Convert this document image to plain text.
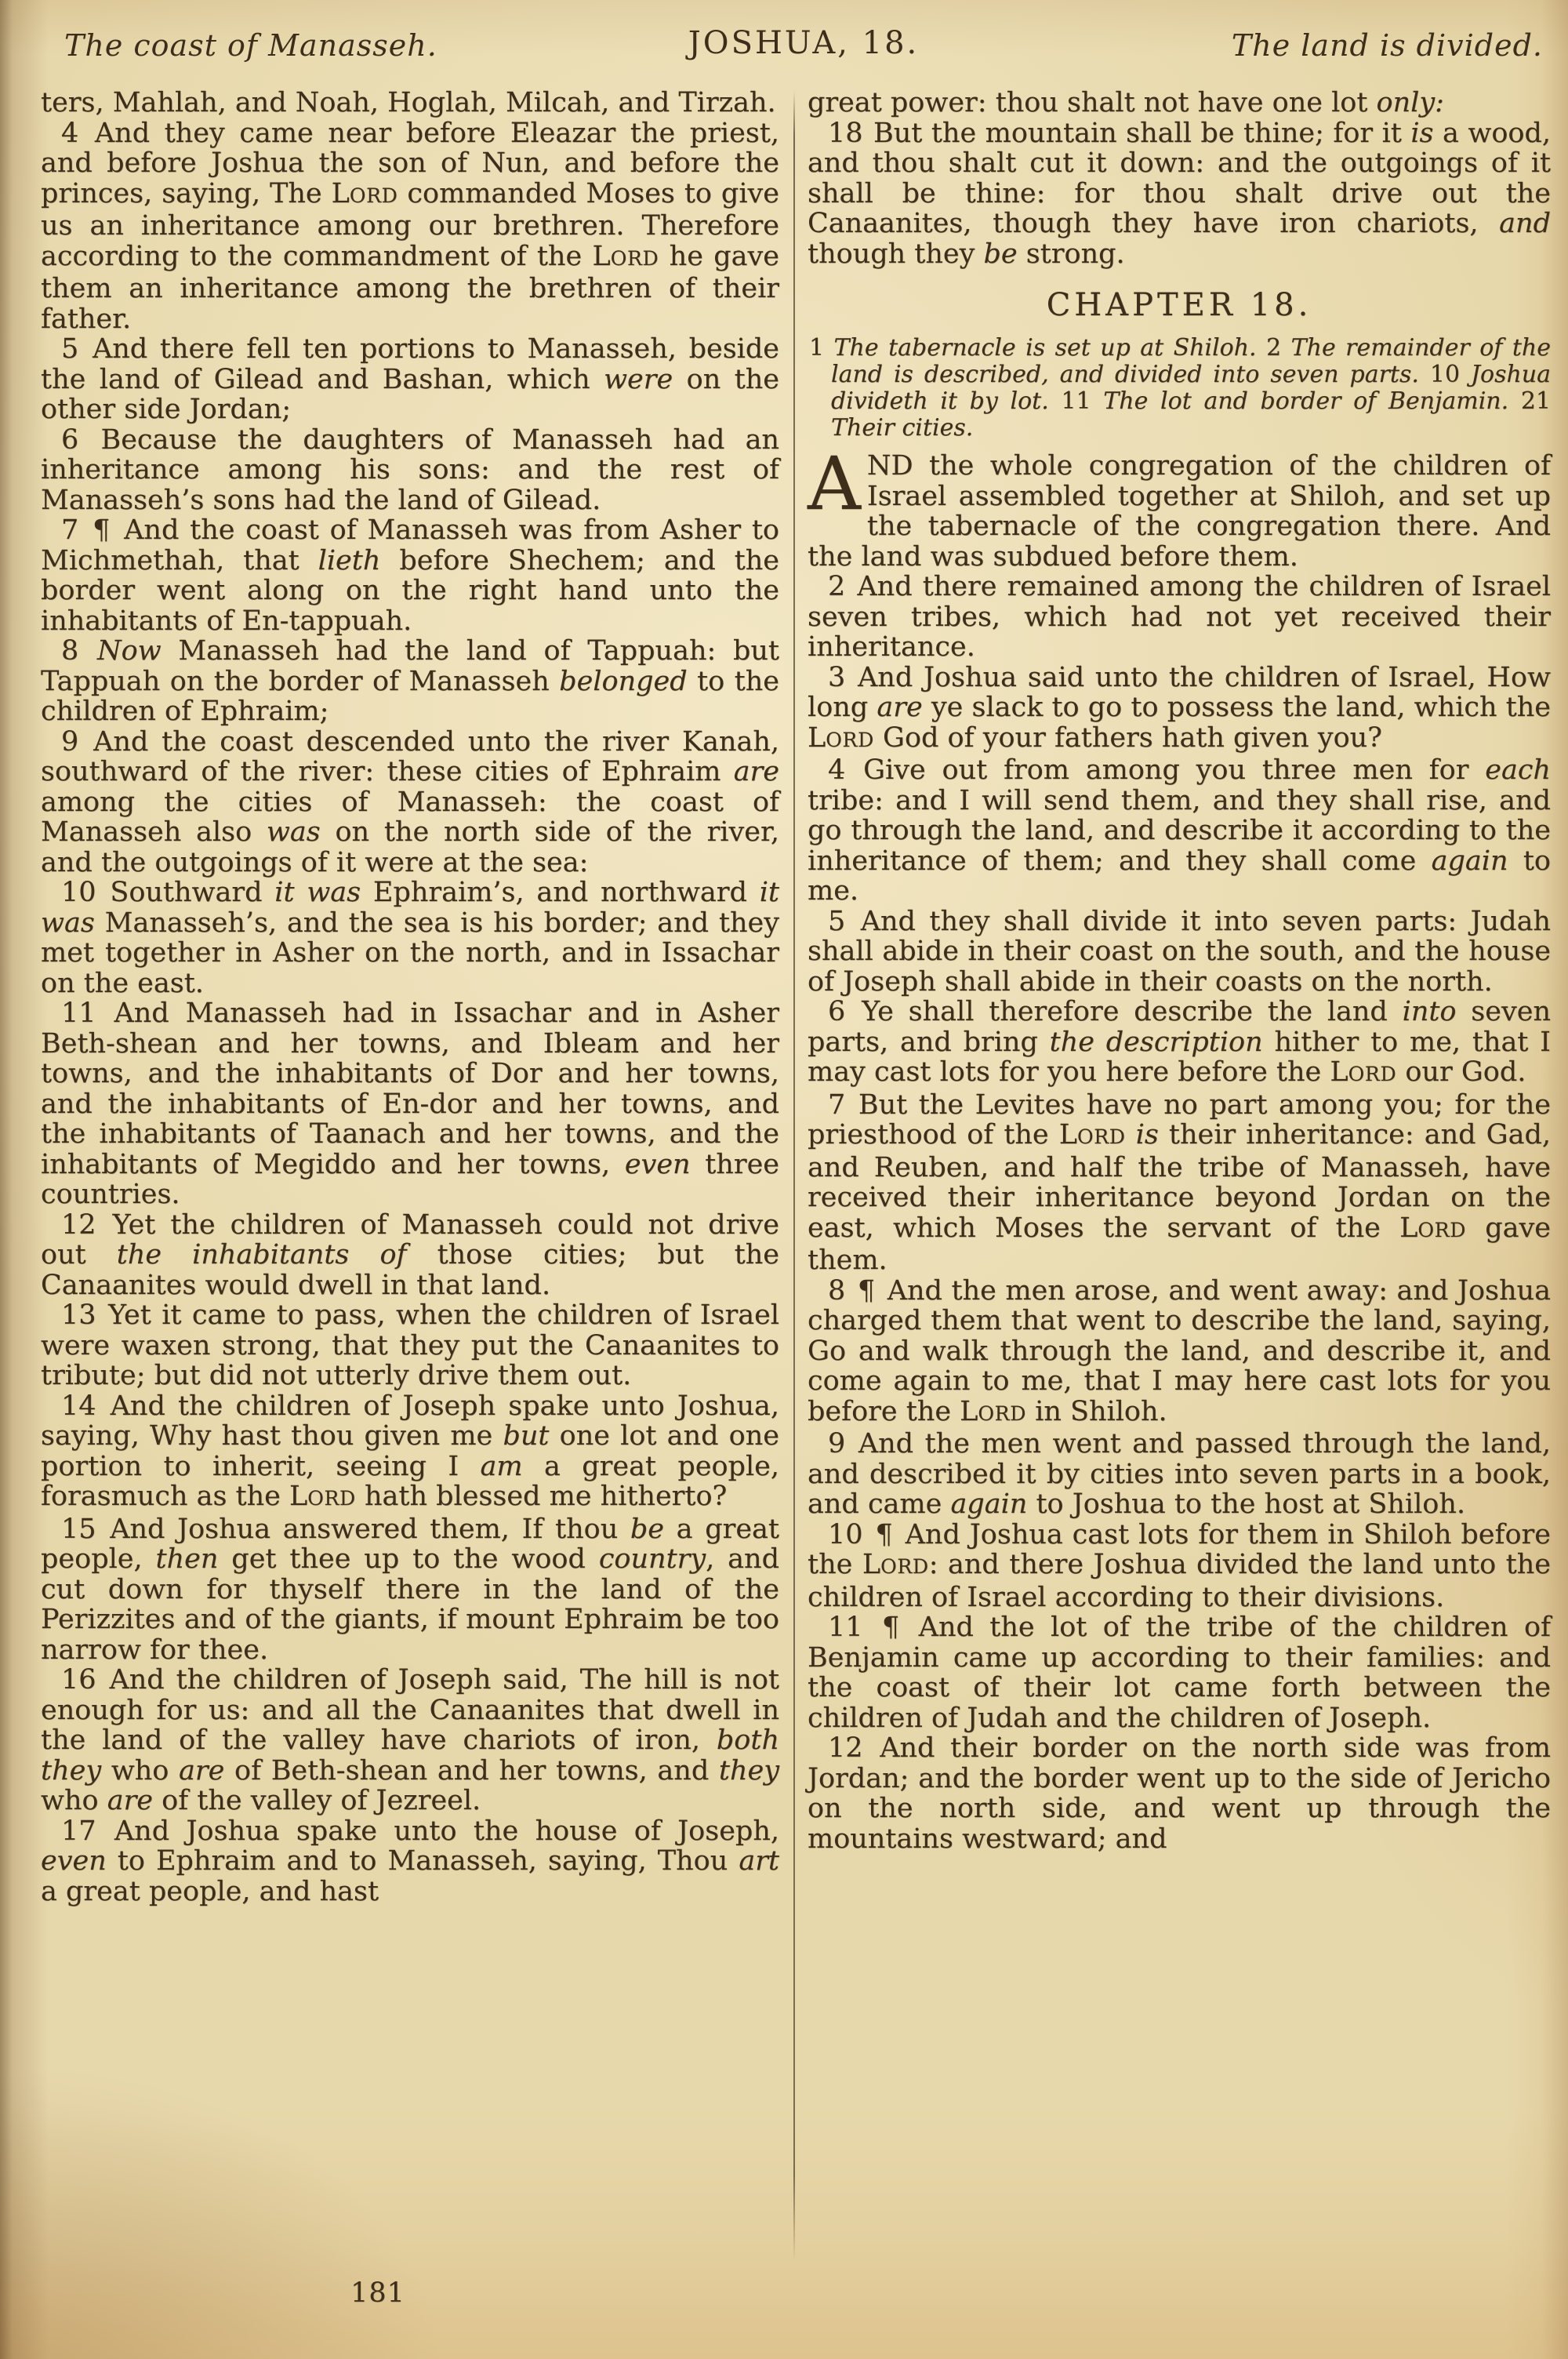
The coast of Manasseh.	JOSHUA, 18.	The land is divided.

ters, Mahlah, and Noah, Hoglah, Milcah, and Tirzah.

4 And they came near before Eleazar the priest, and before Joshua the son of Nun, and before the princes, saying, The LORD commanded Moses to give us an inheritance among our brethren. Therefore according to the commandment of the LORD he gave them an inheritance among the brethren of their father.

5 And there fell ten portions to Manasseh, beside the land of Gilead and Bashan, which were on the other side Jordan;

6 Because the daughters of Manasseh had an inheritance among his sons: and the rest of Manasseh’s sons had the land of Gilead.

7 ¶ And the coast of Manasseh was from Asher to Michmethah, that lieth before Shechem; and the border went along on the right hand unto the inhabitants of En-tappuah.

8 Now Manasseh had the land of Tappuah: but Tappuah on the border of Manasseh belonged to the children of Ephraim;

9 And the coast descended unto the river Kanah, southward of the river: these cities of Ephraim are among the cities of Manasseh: the coast of Manasseh also was on the north side of the river, and the outgoings of it were at the sea:

10 Southward it was Ephraim’s, and northward it was Manasseh’s, and the sea is his border; and they met together in Asher on the north, and in Issachar on the east.

11 And Manasseh had in Issachar and in Asher Beth-shean and her towns, and Ibleam and her towns, and the inhabitants of Dor and her towns, and the inhabitants of En-dor and her towns, and the inhabitants of Taanach and her towns, and the inhabitants of Megiddo and her towns, even three countries.

12 Yet the children of Manasseh could not drive out the inhabitants of those cities; but the Canaanites would dwell in that land.

13 Yet it came to pass, when the children of Israel were waxen strong, that they put the Canaanites to tribute; but did not utterly drive them out.

14 And the children of Joseph spake unto Joshua, saying, Why hast thou given me but one lot and one portion to inherit, seeing I am a great people, forasmuch as the LORD hath blessed me hitherto?

15 And Joshua answered them, If thou be a great people, then get thee up to the wood country, and cut down for thyself there in the land of the Perizzites and of the giants, if mount Ephraim be too narrow for thee.

16 And the children of Joseph said, The hill is not enough for us: and all the Canaanites that dwell in the land of the valley have chariots of iron, both they who are of Beth-shean and her towns, and they who are of the valley of Jezreel.

17 And Joshua spake unto the house of Joseph, even to Ephraim and to Manasseh, saying, Thou art a great people, and hast

great power: thou shalt not have one lot only:

18 But the mountain shall be thine; for it is a wood, and thou shalt cut it down: and the outgoings of it shall be thine: for thou shalt drive out the Canaanites, though they have iron chariots, and though they be strong.

CHAPTER 18.

1 The tabernacle is set up at Shiloh. 2 The remainder of the land is described, and divided into seven parts. 10 Joshua divideth it by lot. 11 The lot and border of Benjamin. 21 Their cities.

AND the whole congregation of the children of Israel assembled together at Shiloh, and set up the tabernacle of the congregation there. And the land was subdued before them.

2 And there remained among the children of Israel seven tribes, which had not yet received their inheritance.

3 And Joshua said unto the children of Israel, How long are ye slack to go to possess the land, which the LORD God of your fathers hath given you?

4 Give out from among you three men for each tribe: and I will send them, and they shall rise, and go through the land, and describe it according to the inheritance of them; and they shall come again to me.

5 And they shall divide it into seven parts: Judah shall abide in their coast on the south, and the house of Joseph shall abide in their coasts on the north.

6 Ye shall therefore describe the land into seven parts, and bring the description hither to me, that I may cast lots for you here before the LORD our God.

7 But the Levites have no part among you; for the priesthood of the LORD is their inheritance: and Gad, and Reuben, and half the tribe of Manasseh, have received their inheritance beyond Jordan on the east, which Moses the servant of the LORD gave them.

8 ¶ And the men arose, and went away: and Joshua charged them that went to describe the land, saying, Go and walk through the land, and describe it, and come again to me, that I may here cast lots for you before the LORD in Shiloh.

9 And the men went and passed through the land, and described it by cities into seven parts in a book, and came again to Joshua to the host at Shiloh.

10 ¶ And Joshua cast lots for them in Shiloh before the LORD: and there Joshua divided the land unto the children of Israel according to their divisions.

11 ¶ And the lot of the tribe of the children of Benjamin came up according to their families: and the coast of their lot came forth between the children of Judah and the children of Joseph.

12 And their border on the north side was from Jordan; and the border went up to the side of Jericho on the north side, and went up through the mountains westward; and

181
